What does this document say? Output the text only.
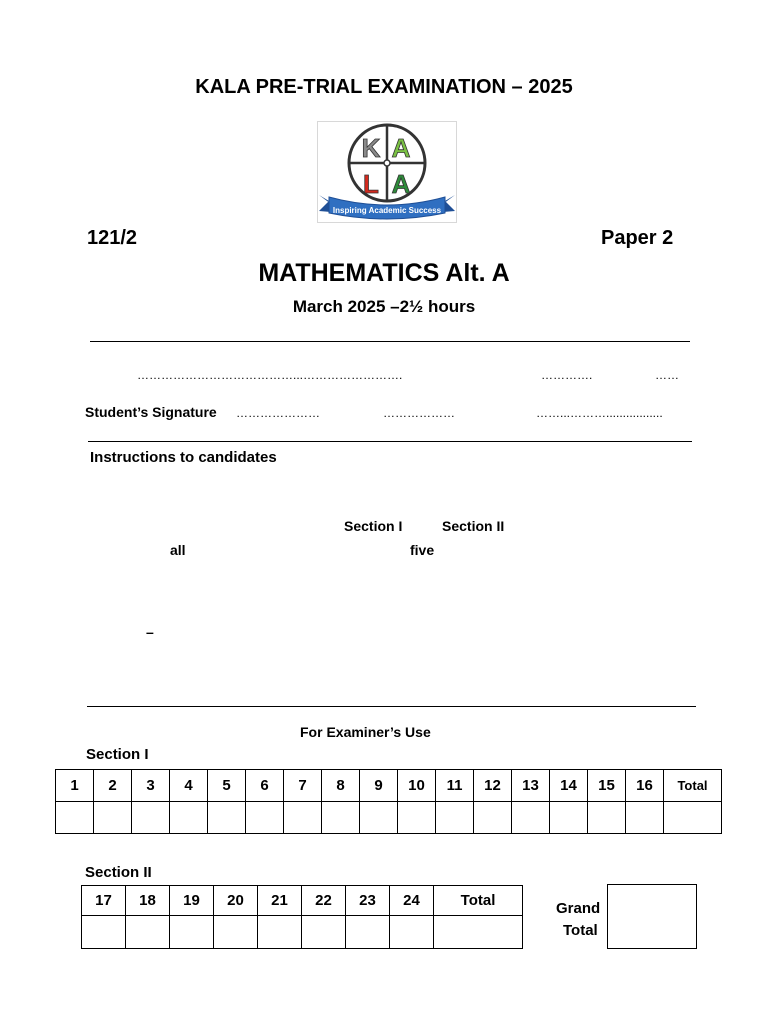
KALA PRE-TRIAL EXAMINATION – 2025
K A
L A
Inspiring Academic Success
121/2	Paper 2
MATHEMATICS Alt. A
March 2025 –2½ hours
…………………………………...…………………….	………….	……
Student’s Signature …………………	………………	……...……….................
Instructions to candidates
Section I	Section II
all	five
–
For Examiner’s Use
Section I
1	2	3	4	5	6	7	8	9	10	11	12	13	14	15	16	Total

Section II
17	18	19	20	21	22	23	24	Total
									Grand
Total
